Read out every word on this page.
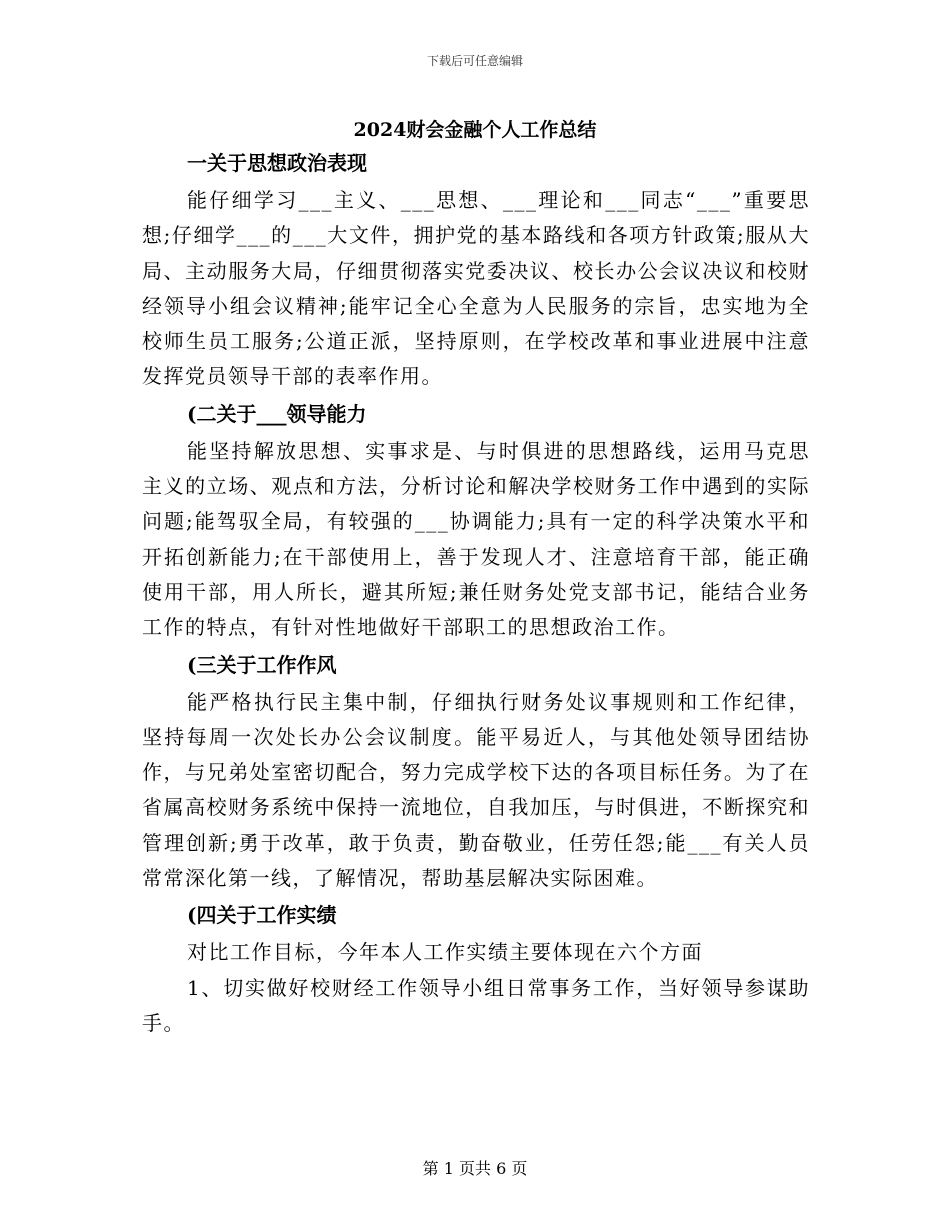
下载后可任意编辑
2024财会金融个人工作总结
一关于思想政治表现

能仔细学习___主义、___思想、___理论和___同志“___”重要思想;仔细学___的___大文件，拥护党的基本路线和各项方针政策;服从大局、主动服务大局，仔细贯彻落实党委决议、校长办公会议决议和校财经领导小组会议精神;能牢记全心全意为人民服务的宗旨，忠实地为全校师生员工服务;公道正派，坚持原则，在学校改革和事业进展中注意发挥党员领导干部的表率作用。

(二关于___领导能力

能坚持解放思想、实事求是、与时俱进的思想路线，运用马克思主义的立场、观点和方法，分析讨论和解决学校财务工作中遇到的实际问题;能驾驭全局，有较强的___协调能力;具有一定的科学决策水平和开拓创新能力;在干部使用上，善于发现人才、注意培育干部，能正确使用干部，用人所长，避其所短;兼任财务处党支部书记，能结合业务工作的特点，有针对性地做好干部职工的思想政治工作。

(三关于工作作风

能严格执行民主集中制，仔细执行财务处议事规则和工作纪律，坚持每周一次处长办公会议制度。能平易近人，与其他处领导团结协作，与兄弟处室密切配合，努力完成学校下达的各项目标任务。为了在省属高校财务系统中保持一流地位，自我加压，与时俱进，不断探究和管理创新;勇于改革，敢于负责，勤奋敬业，任劳任怨;能___有关人员常常深化第一线，了解情况，帮助基层解决实际困难。

(四关于工作实绩

对比工作目标，今年本人工作实绩主要体现在六个方面

1、切实做好校财经工作领导小组日常事务工作，当好领导参谋助手。

第 1 页共 6 页
